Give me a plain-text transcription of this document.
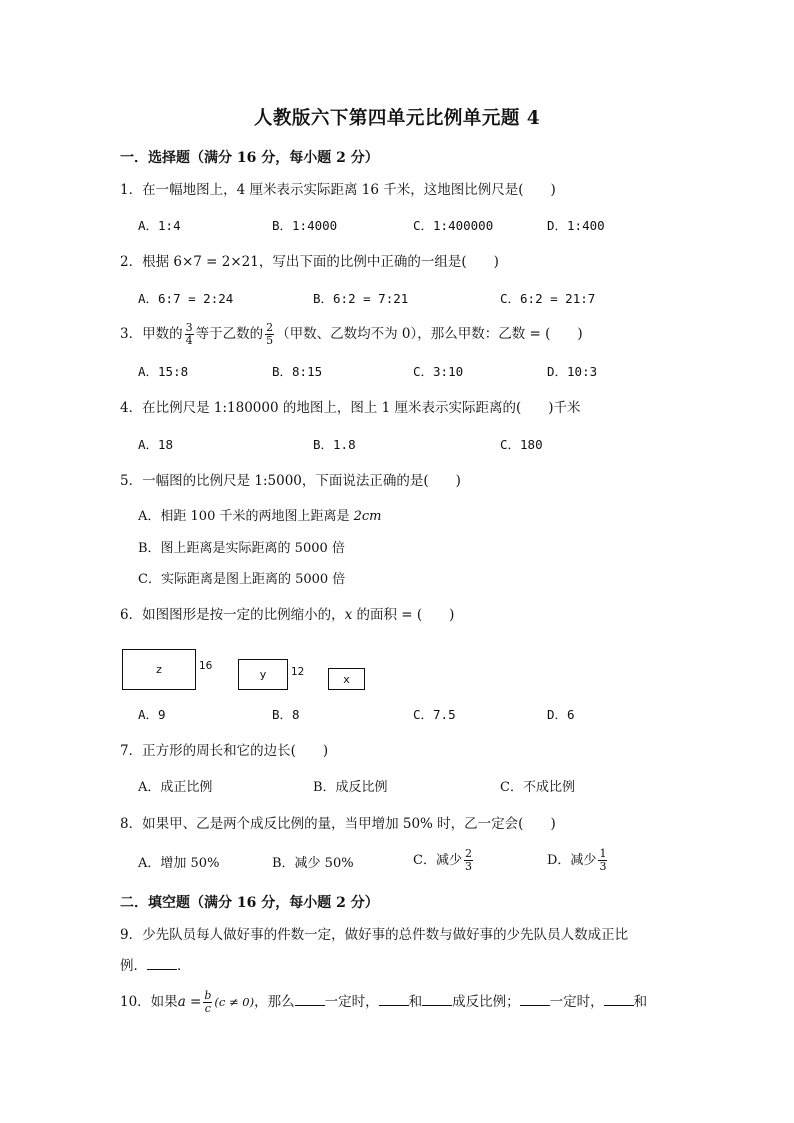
人教版六下第四单元比例单元题 4
一．选择题（满分 16 分，每小题 2 分）
1．在一幅地图上，4 厘米表示实际距离 16 千米，这地图比例尺是(　　)
A．1:4	B．1:4000	C．1:400000	D．1:400
2．根据 6×7 = 2×21，写出下面的比例中正确的一组是(　　)
A．6:7 = 2:24	B．6:2 = 7:21	C．6:2 = 21:7
3．甲数的 $\frac{3}{4}$ 等于乙数的 $\frac{2}{5}$ （甲数、乙数均不为 0），那么甲数：乙数 = (　　)
A．15:8	B．8:15	C．3:10	D．10:3
4．在比例尺是 1:180000 的地图上，图上 1 厘米表示实际距离的(　　)千米
A．18	B．1.8	C．180
5．一幅图的比例尺是 1:5000，下面说法正确的是(　　)
A．相距 100 千米的两地图上距离是 2cm
B．图上距离是实际距离的 5000 倍
C．实际距离是图上距离的 5000 倍
6．如图图形是按一定的比例缩小的，x 的面积 = (　　)
z	16
y 12
x
A．9	B．8	C．7.5	D．6
7．正方形的周长和它的边长(　　)
A．成正比例	B．成反比例	C．不成比例
8．如果甲、乙是两个成反比例的量，当甲增加 50% 时，乙一定会(　　)
A．增加 50%	B．减少 50%	C．减少 $\frac{2}{3}$	D．减少 $\frac{1}{3}$
二．填空题（满分 16 分，每小题 2 分）
9．少先队员每人做好事的件数一定，做好事的总件数与做好事的少先队员人数成正比
例． ．
10．如果$a = \frac{b}{c} (c \ne 0)$，那么 一定时， 和 成反比例； 一定时， 和
